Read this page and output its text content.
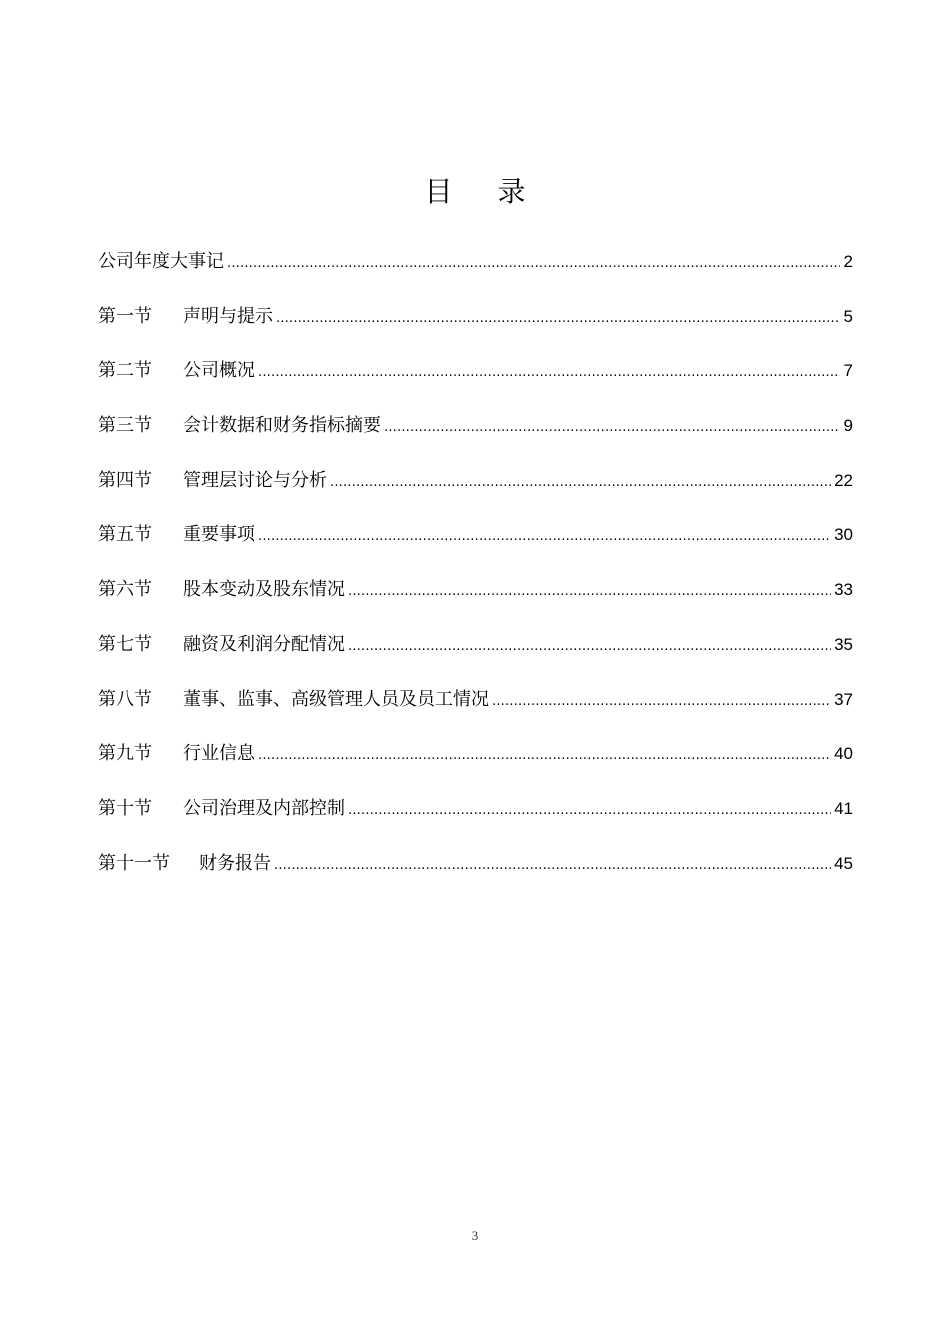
目 录
公司年度大事记 .....	2
第一节	声明与提示 .....	5
第二节	公司概况 .....	7
第三节	会计数据和财务指标摘要 .....	9
第四节	管理层讨论与分析 .....	22
第五节	重要事项 .....	30
第六节	股本变动及股东情况 .....	33
第七节	融资及利润分配情况 .....	35
第八节	董事、监事、高级管理人员及员工情况 .....	37
第九节	行业信息 .....	40
第十节	公司治理及内部控制 .....	41
第十一节	财务报告 .....	45
3
